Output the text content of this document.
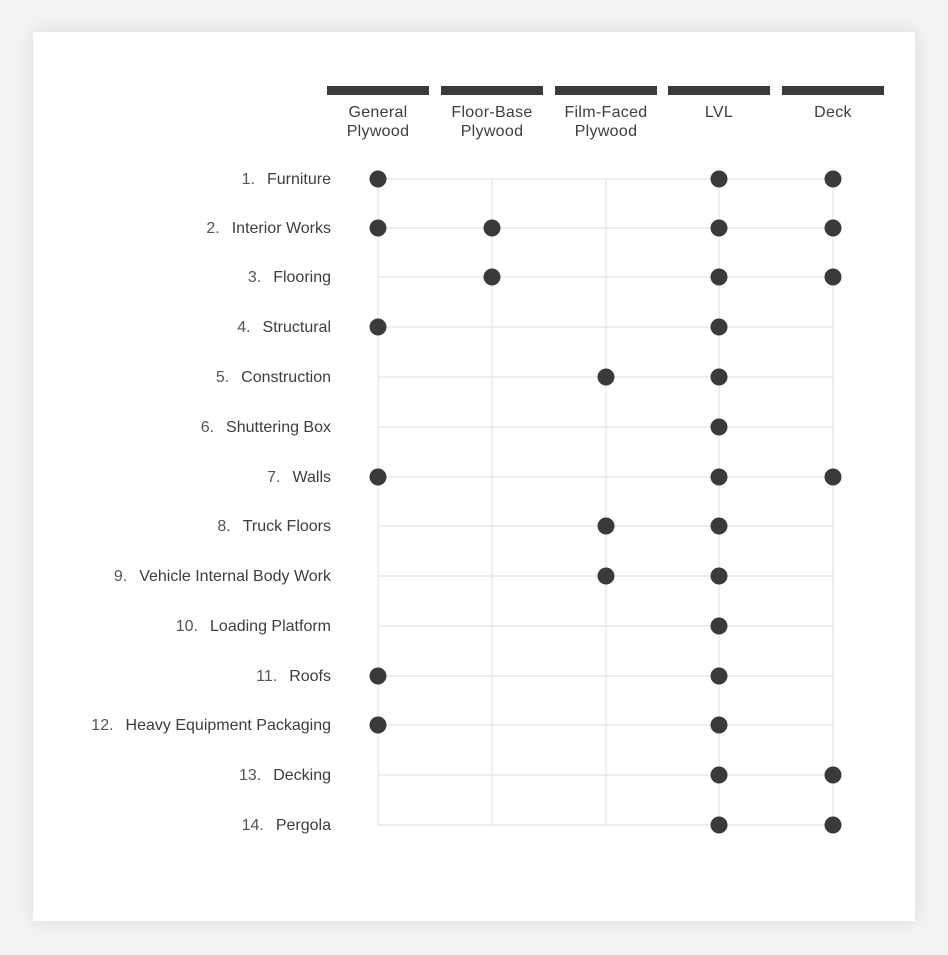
General
Plywood
Floor-Base
Plywood
Film-Faced
Plywood
LVL	Deck
1. Furniture
2. Interior Works
3. Flooring
4. Structural
5. Construction
6. Shuttering Box
7. Walls
8. Truck Floors
9. Vehicle Internal Body Work
10. Loading Platform
11. Roofs
12. Heavy Equipment Packaging
13. Decking
14. Pergola
